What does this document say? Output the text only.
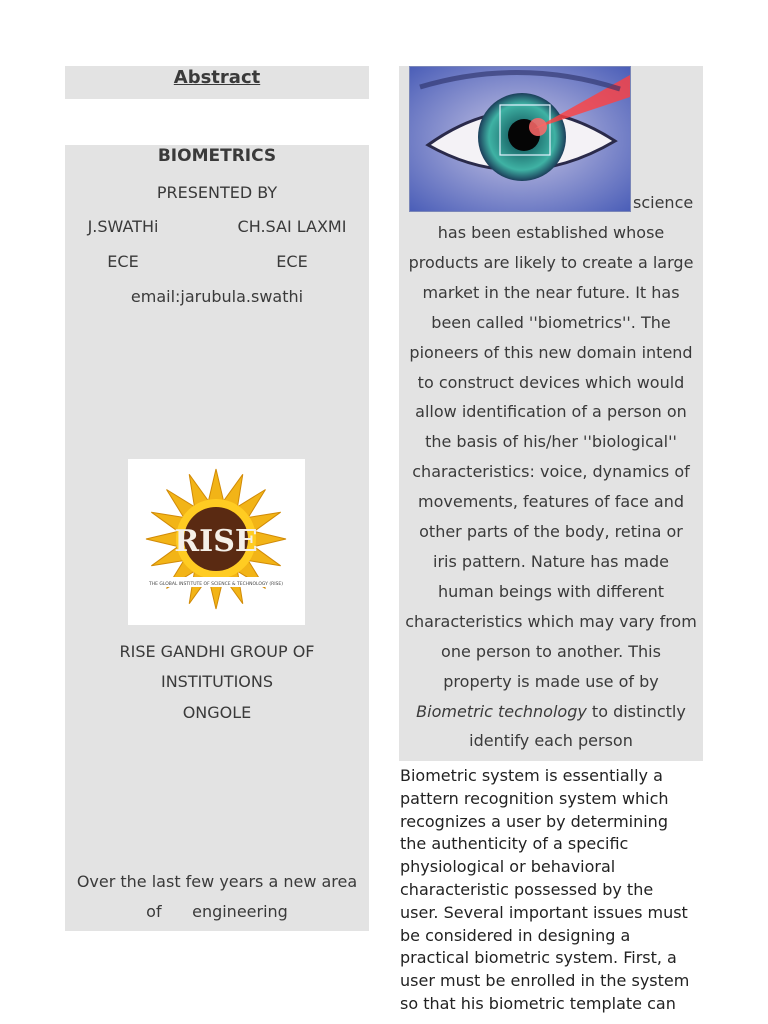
Abstract
BIOMETRICS
PRESENTED BY
J.SWATHi	CH.SAI LAXMI
ECE	ECE
email:jarubula.swathi
RISE
THE GLOBAL INSTITUTE OF SCIENCE & TECHNOLOGY (RISE)
RISE GANDHI GROUP OF
INSTITUTIONS
ONGOLE
Over the last few years a new area
of      engineering
science
has been established whose
products are likely to create a large
market in the near future. It has
been called ''biometrics''. The
pioneers of this new domain intend
to construct devices which would
allow identification of a person on
the basis of his/her ''biological''
characteristics: voice, dynamics of
movements, features of face and
other parts of the body, retina or
iris pattern. Nature has made
human beings with different
characteristics which may vary from
one person to another. This
property is made use of by
Biometric technology to distinctly
identify each person
Biometric system is essentially a
pattern recognition system which
recognizes a user by determining
the authenticity of a specific
physiological or behavioral
characteristic possessed by the
user. Several important issues must
be considered in designing a
practical biometric system. First, a
user must be enrolled in the system
so that his biometric template can
